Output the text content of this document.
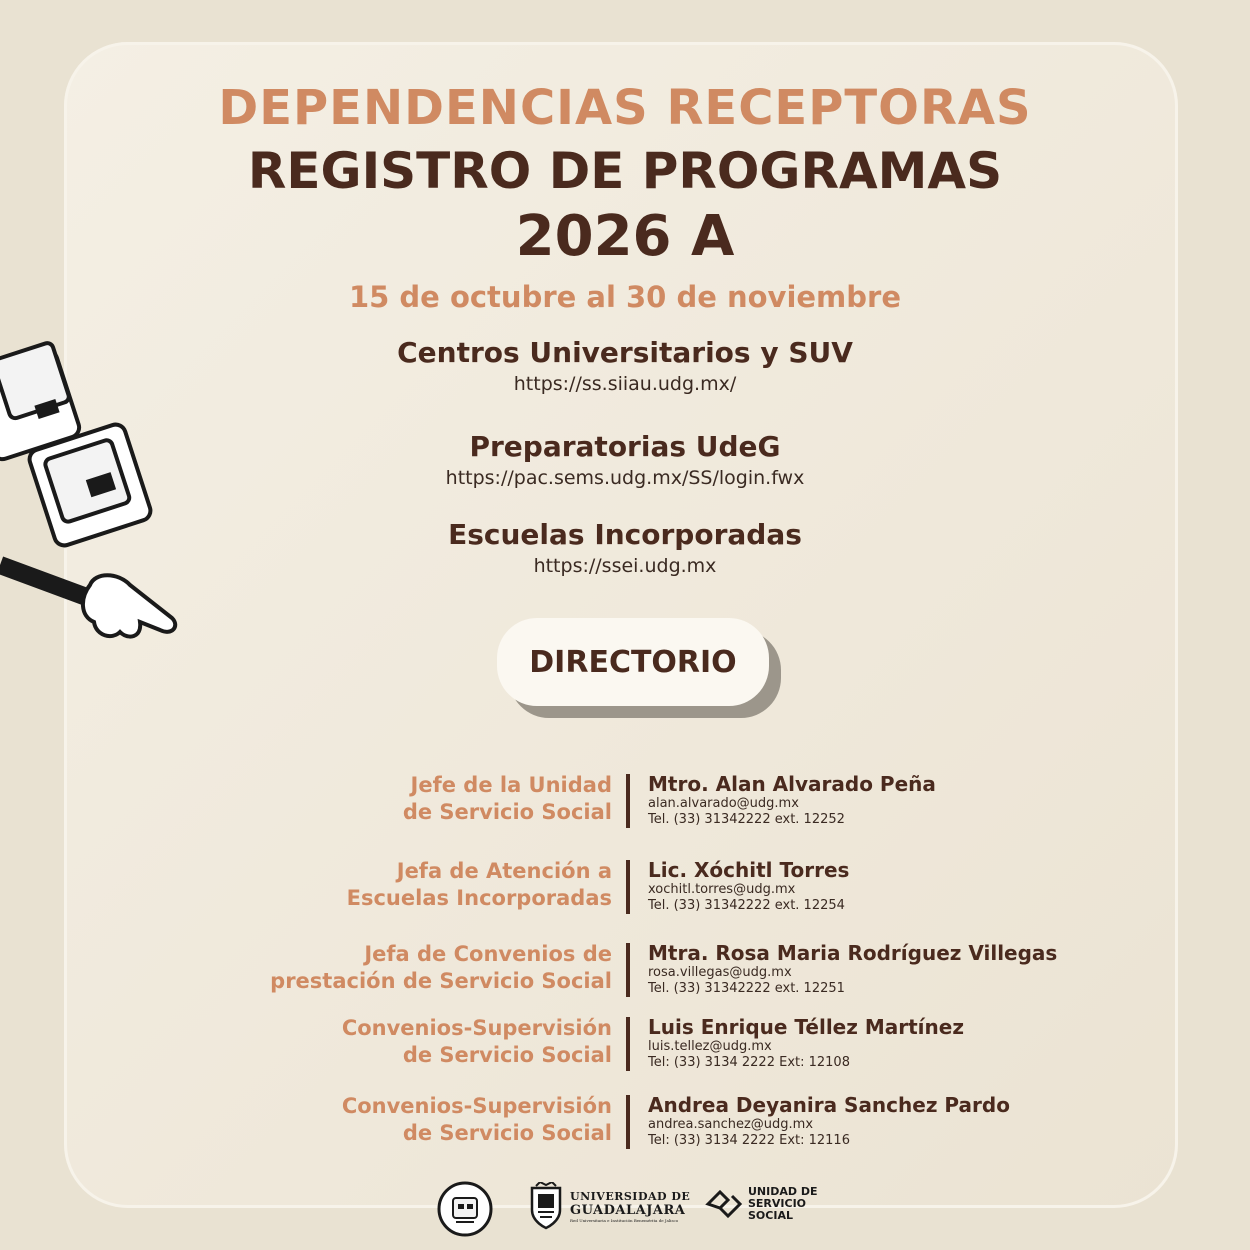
DEPENDENCIAS RECEPTORAS
REGISTRO DE PROGRAMAS
2026 A
15 de octubre al 30 de noviembre
Centros Universitarios y SUV
https://ss.siiau.udg.mx/
Preparatorias UdeG
https://pac.sems.udg.mx/SS/login.fwx
Escuelas Incorporadas
https://ssei.udg.mx
DIRECTORIO
Jefe de la Unidad
de Servicio Social
Mtro. Alan Alvarado Peña
alan.alvarado@udg.mx
Tel. (33) 31342222 ext. 12252
Jefa de Atención a
Escuelas Incorporadas
Lic. Xóchitl Torres
xochitl.torres@udg.mx
Tel. (33) 31342222 ext. 12254
Jefa de Convenios de
prestación de Servicio Social
Mtra. Rosa Maria Rodríguez Villegas
rosa.villegas@udg.mx
Tel. (33) 31342222 ext. 12251
Convenios-Supervisión
de Servicio Social
Luis Enrique Téllez Martínez
luis.tellez@udg.mx
Tel: (33) 3134 2222 Ext: 12108
Convenios-Supervisión
de Servicio Social
Andrea Deyanira Sanchez Pardo
andrea.sanchez@udg.mx
Tel: (33) 3134 2222 Ext: 12116
UNIVERSIDAD DE
GUADALAJARA
Red Universitaria e Institución Benemérita de Jalisco
UNIDAD DE
SERVICIO
SOCIAL
